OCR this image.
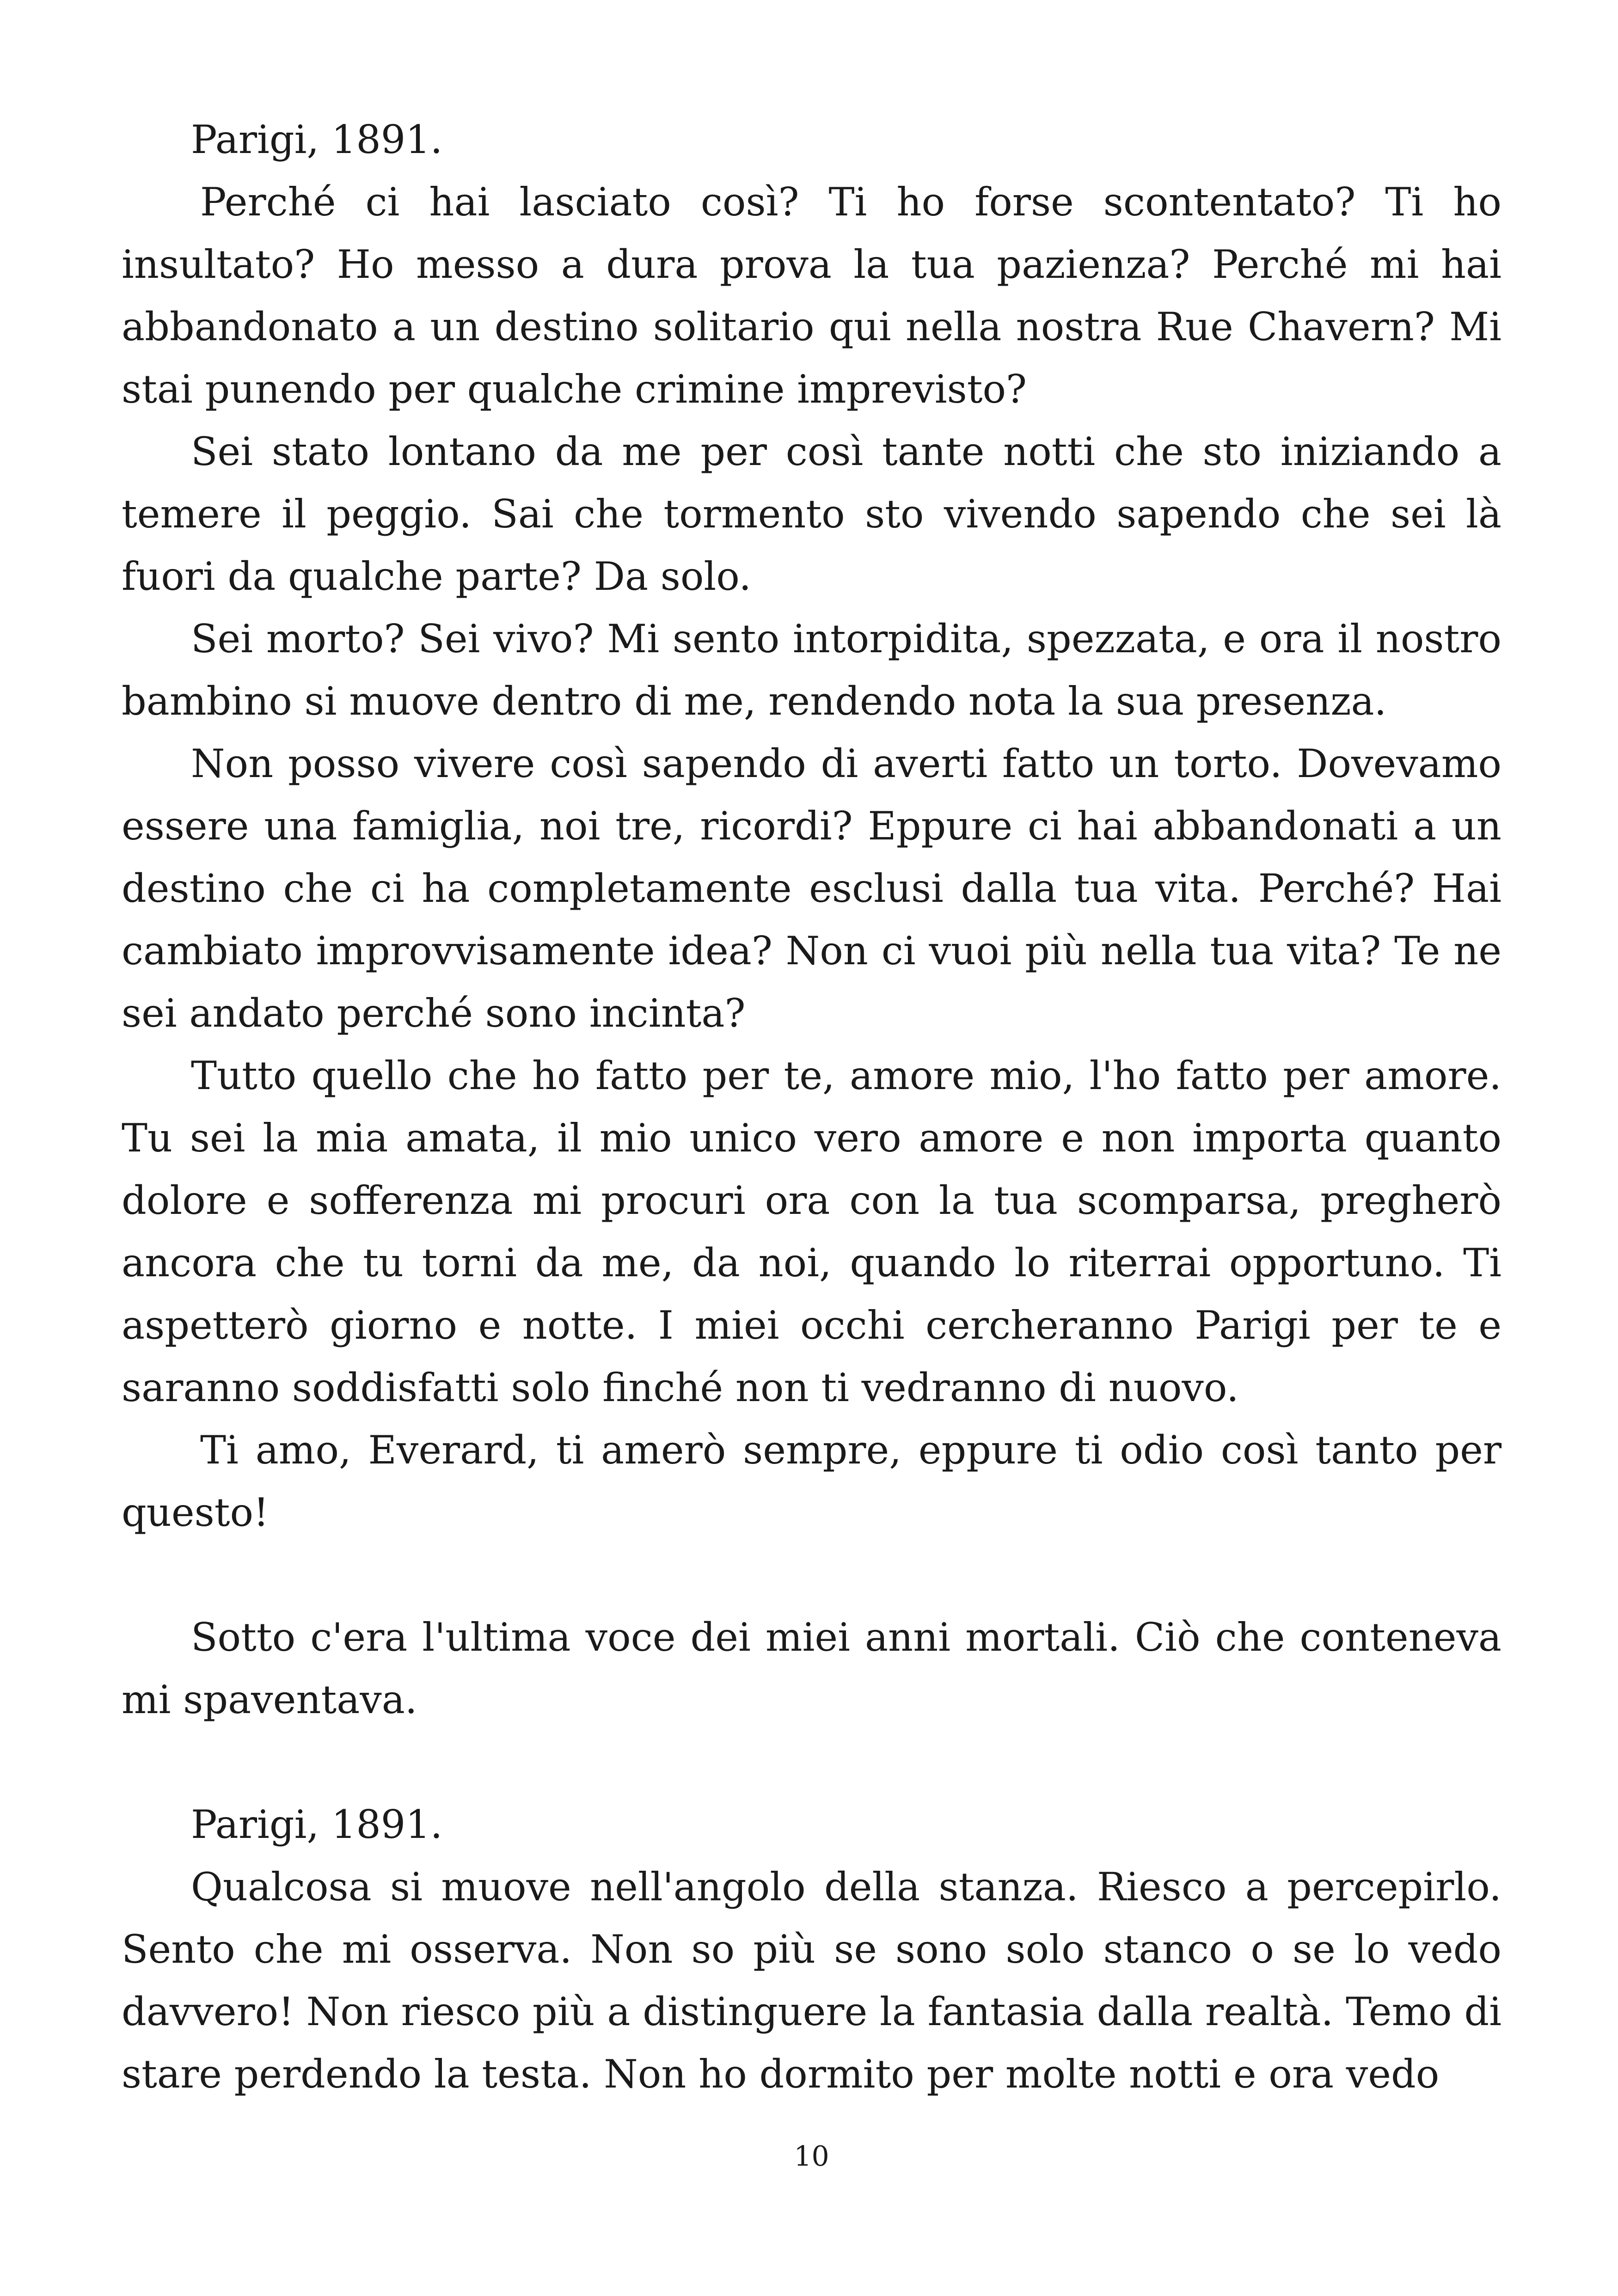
Parigi, 1891.

Perché ci hai lasciato così? Ti ho forse scontentato? Ti ho insultato? Ho messo a dura prova la tua pazienza? Perché mi hai abbandonato a un destino solitario qui nella nostra Rue Chavern? Mi stai punendo per qualche crimine imprevisto?

Sei stato lontano da me per così tante notti che sto iniziando a temere il peggio. Sai che tormento sto vivendo sapendo che sei là fuori da qualche parte? Da solo.

Sei morto? Sei vivo? Mi sento intorpidita, spezzata, e ora il nostro bambino si muove dentro di me, rendendo nota la sua presenza.

Non posso vivere così sapendo di averti fatto un torto. Dovevamo essere una famiglia, noi tre, ricordi? Eppure ci hai abbandonati a un destino che ci ha completamente esclusi dalla tua vita. Perché? Hai cambiato improvvisamente idea? Non ci vuoi più nella tua vita? Te ne sei andato perché sono incinta?

Tutto quello che ho fatto per te, amore mio, l'ho fatto per amore. Tu sei la mia amata, il mio unico vero amore e non importa quanto dolore e sofferenza mi procuri ora con la tua scomparsa, pregherò ancora che tu torni da me, da noi, quando lo riterrai opportuno. Ti aspetterò giorno e notte. I miei occhi cercheranno Parigi per te e saranno soddisfatti solo finché non ti vedranno di nuovo.

Ti amo, Everard, ti amerò sempre, eppure ti odio così tanto per questo!

Sotto c'era l'ultima voce dei miei anni mortali. Ciò che conteneva mi spaventava.

Parigi, 1891.

Qualcosa si muove nell'angolo della stanza. Riesco a percepirlo. Sento che mi osserva. Non so più se sono solo stanco o se lo vedo davvero! Non riesco più a distinguere la fantasia dalla realtà. Temo di stare perdendo la testa. Non ho dormito per molte notti e ora vedo

10
